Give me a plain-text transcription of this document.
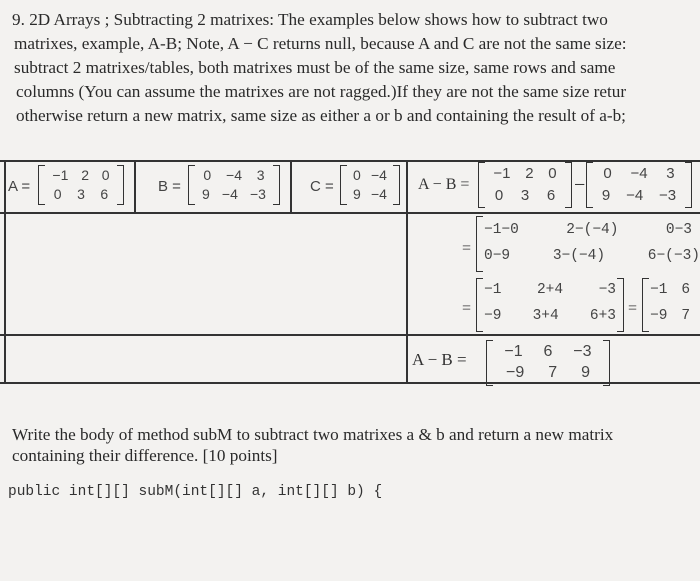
9. 2D Arrays ; Subtracting 2 matrixes: The examples below shows how to subtract two
matrixes, example, A-B; Note, A − C returns null, because A and C are not the same size:
subtract 2 matrixes/tables, both matrixes must be of the same size, same rows and same
columns (You can assume the matrixes are not ragged.)If they are not the same size retur
otherwise return a new matrix, same size as either a or b and containing the result of a-b;
A =
−1 2 0
0 3 6	B =
0 −4 3
9 −4 −3	C =
0 −4
9 −4
A − B =
−1 2 0
0 3 6 −
0 −4 3
9 −4 −3
=
−1−0	2−(−4)	0−3
0−9	3−(−4)	6−(−3)
=
−1 2+4 −3
−9 3+4 6+3 =
−1 6
−9 7
A − B = −1 6 −3
−9 7 9
Write the body of method subM to subtract two matrixes a & b and return a new matrix
containing their difference. [10 points]
public int[][] subM(int[][] a, int[][] b) {
